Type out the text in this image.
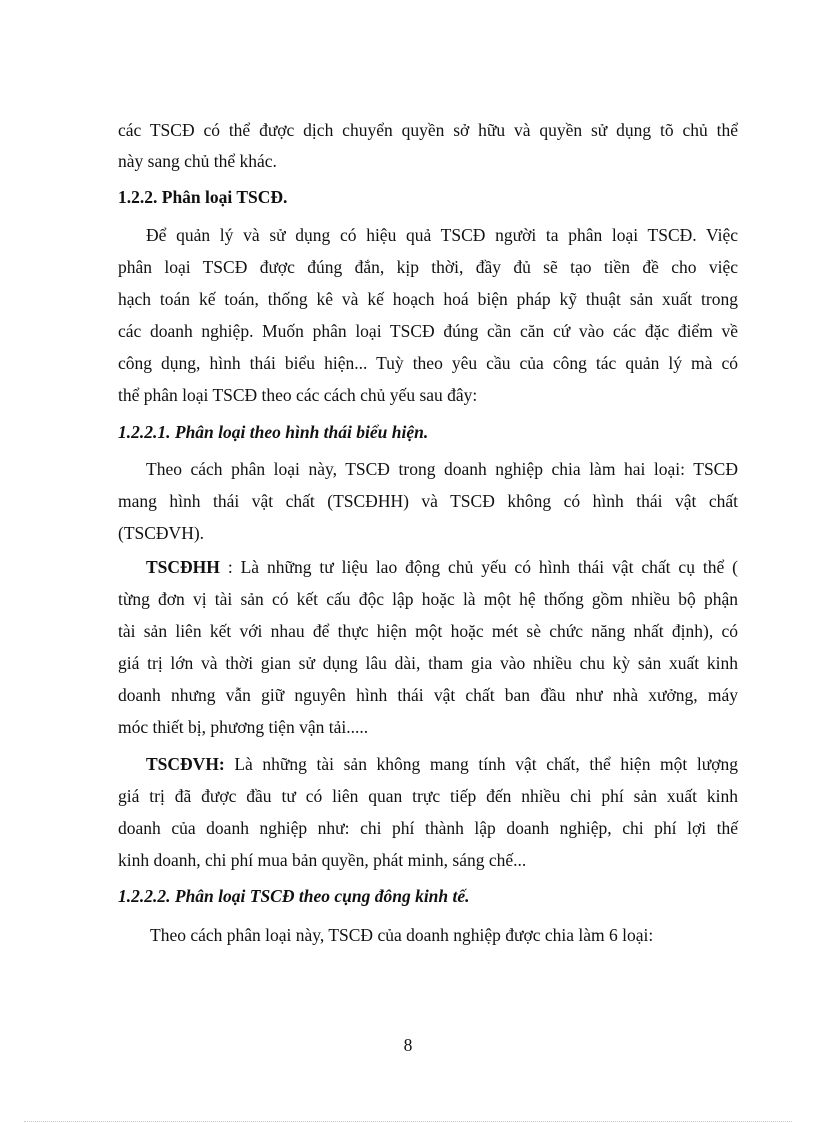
các TSCĐ có thể được dịch chuyển quyền sở hữu và quyền sử dụng tõ chủ thể
này sang chủ thể khác.
1.2.2. Phân loại TSCĐ.
Để quản lý và sử dụng có hiệu quả TSCĐ người ta phân loại TSCĐ. Việc
phân loại TSCĐ được đúng đắn, kịp thời, đầy đủ sẽ tạo tiền đề cho việc
hạch toán kế toán, thống kê và kế hoạch hoá biện pháp kỹ thuật sản xuất trong
các doanh nghiệp. Muốn phân loại TSCĐ đúng cần căn cứ vào các đặc điểm về
công dụng, hình thái biểu hiện... Tuỳ theo yêu cầu của công tác quản lý mà có
thể phân loại TSCĐ theo các cách chủ yếu sau đây:
1.2.2.1. Phân loại theo hình thái biểu hiện.
Theo cách phân loại này, TSCĐ trong doanh nghiệp chia làm hai loại: TSCĐ
mang hình thái vật chất (TSCĐHH) và TSCĐ không có hình thái vật chất
(TSCĐVH).
TSCĐHH : Là những tư liệu lao động chủ yếu có hình thái vật chất cụ thể (
từng đơn vị tài sản có kết cấu độc lập hoặc là một hệ thống gồm nhiều bộ phận
tài sản liên kết với nhau để thực hiện một hoặc mét sè chức năng nhất định), có
giá trị lớn và thời gian sử dụng lâu dài, tham gia vào nhiều chu kỳ sản xuất kinh
doanh nhưng vẫn giữ nguyên hình thái vật chất ban đầu như nhà xưởng, máy
móc thiết bị, phương tiện vận tải.....
TSCĐVH: Là những tài sản không mang tính vật chất, thể hiện một lượng
giá trị đã được đầu tư có liên quan trực tiếp đến nhiều chi phí sản xuất kinh
doanh của doanh nghiệp như: chi phí thành lập doanh nghiệp, chi phí lợi thế
kinh doanh, chi phí mua bản quyền, phát minh, sáng chế...
1.2.2.2. Phân loại TSCĐ theo cụng đông kinh tế.
Theo cách phân loại này, TSCĐ của doanh nghiệp được chia làm 6 loại:
8
